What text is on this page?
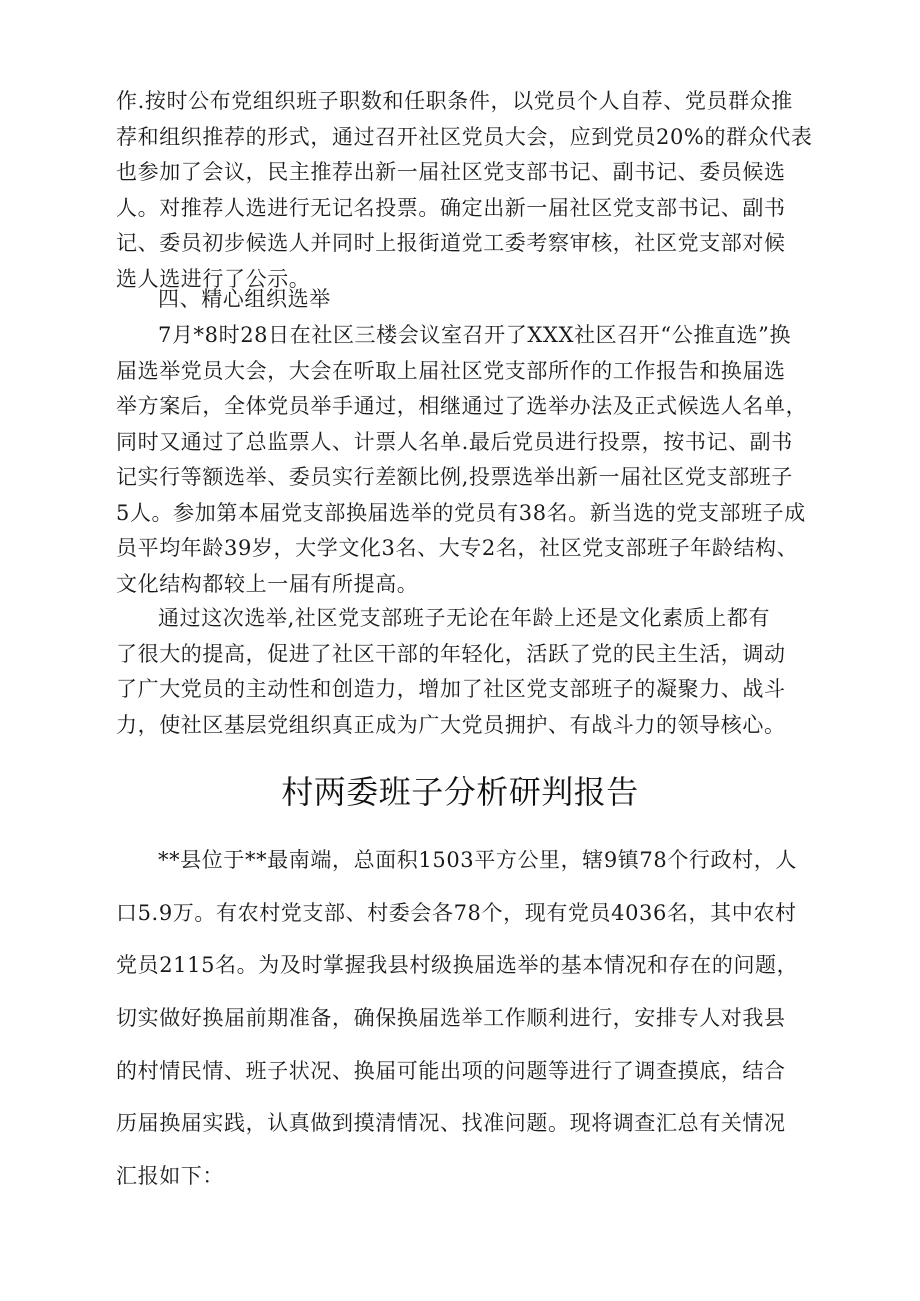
作.按时公布党组织班子职数和任职条件，以党员个人自荐、党员群众推
荐和组织推荐的形式，通过召开社区党员大会，应到党员20%的群众代表
也参加了会议，民主推荐出新一届社区党支部书记、副书记、委员候选
人。对推荐人选进行无记名投票。确定出新一届社区党支部书记、副书
记、委员初步候选人并同时上报街道党工委考察审核，社区党支部对候
选人选进行了公示。
四、精心组织选举
7月*8时28日在社区三楼会议室召开了XXX社区召开“公推直选”换
届选举党员大会，大会在听取上届社区党支部所作的工作报告和换届选
举方案后，全体党员举手通过，相继通过了选举办法及正式候选人名单，
同时又通过了总监票人、计票人名单.最后党员进行投票，按书记、副书
记实行等额选举、委员实行差额比例,投票选举出新一届社区党支部班子
5人。参加第本届党支部换届选举的党员有38名。新当选的党支部班子成
员平均年龄39岁，大学文化3名、大专2名，社区党支部班子年龄结构、
文化结构都较上一届有所提高。
通过这次选举,社区党支部班子无论在年龄上还是文化素质上都有
了很大的提高，促进了社区干部的年轻化，活跃了党的民主生活，调动
了广大党员的主动性和创造力，增加了社区党支部班子的凝聚力、战斗
力，使社区基层党组织真正成为广大党员拥护、有战斗力的领导核心。
村两委班子分析研判报告
**县位于**最南端，总面积1503平方公里，辖9镇78个行政村，人
口5.9万。有农村党支部、村委会各78个，现有党员4036名，其中农村
党员2115名。为及时掌握我县村级换届选举的基本情况和存在的问题，
切实做好换届前期准备，确保换届选举工作顺利进行，安排专人对我县
的村情民情、班子状况、换届可能出项的问题等进行了调查摸底，结合
历届换届实践，认真做到摸清情况、找准问题。现将调查汇总有关情况
汇报如下：
